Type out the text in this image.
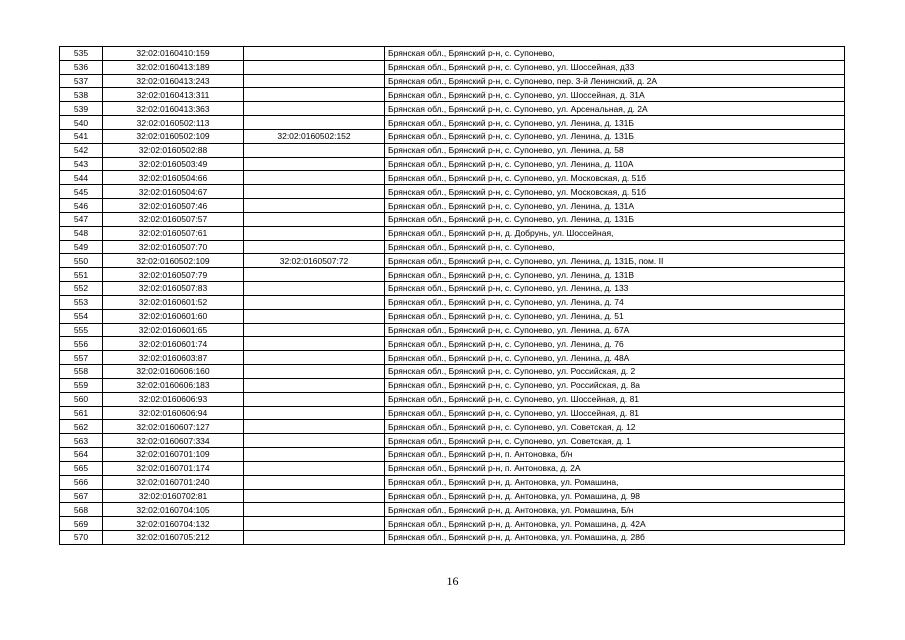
535	32:02:0160410:159		Брянская обл., Брянский р-н, с. Супонево,
536	32:02:0160413:189		Брянская обл., Брянский р-н, с. Супонево, ул. Шоссейная, д33
537	32:02:0160413:243		Брянская обл., Брянский р-н, с. Супонево, пер. 3-й Ленинский, д. 2А
538	32:02:0160413:311		Брянская обл., Брянский р-н, с. Супонево, ул. Шоссейная, д. 31А
539	32:02:0160413:363		Брянская обл., Брянский р-н, с. Супонево, ул. Арсенальная, д. 2А
540	32:02:0160502:113		Брянская обл., Брянский р-н, с. Супонево, ул. Ленина, д. 131Б
541	32:02:0160502:109	32:02:0160502:152	Брянская обл., Брянский р-н, с. Супонево, ул. Ленина, д. 131Б
542	32:02:0160502:88		Брянская обл., Брянский р-н, с. Супонево, ул. Ленина, д. 58
543	32:02:0160503:49		Брянская обл., Брянский р-н, с. Супонево, ул. Ленина, д. 110А
544	32:02:0160504:66		Брянская обл., Брянский р-н, с. Супонево, ул. Московская, д. 51б
545	32:02:0160504:67		Брянская обл., Брянский р-н, с. Супонево, ул. Московская, д. 51б
546	32:02:0160507:46		Брянская обл., Брянский р-н, с. Супонево, ул. Ленина, д. 131А
547	32:02:0160507:57		Брянская обл., Брянский р-н, с. Супонево, ул. Ленина, д. 131Б
548	32:02:0160507:61		Брянская обл., Брянский р-н, д. Добрунь, ул. Шоссейная,
549	32:02:0160507:70		Брянская обл., Брянский р-н, с. Супонево,
550	32:02:0160502:109	32:02:0160507:72	Брянская обл., Брянский р-н, с. Супонево, ул. Ленина, д. 131Б, пом. II
551	32:02:0160507:79		Брянская обл., Брянский р-н, с. Супонево, ул. Ленина, д. 131В
552	32:02:0160507:83		Брянская обл., Брянский р-н, с. Супонево, ул. Ленина, д. 133
553	32:02:0160601:52		Брянская обл., Брянский р-н, с. Супонево, ул. Ленина, д. 74
554	32:02:0160601:60		Брянская обл., Брянский р-н, с. Супонево, ул. Ленина, д. 51
555	32:02:0160601:65		Брянская обл., Брянский р-н, с. Супонево, ул. Ленина, д. 67А
556	32:02:0160601:74		Брянская обл., Брянский р-н, с. Супонево, ул. Ленина, д. 76
557	32:02:0160603:87		Брянская обл., Брянский р-н, с. Супонево, ул. Ленина, д. 48А
558	32:02:0160606:160		Брянская обл., Брянский р-н, с. Супонево, ул. Российская, д. 2
559	32:02:0160606:183		Брянская обл., Брянский р-н, с. Супонево, ул. Российская, д. 8а
560	32:02:0160606:93		Брянская обл., Брянский р-н, с. Супонево, ул. Шоссейная, д. 81
561	32:02:0160606:94		Брянская обл., Брянский р-н, с. Супонево, ул. Шоссейная, д. 81
562	32:02:0160607:127		Брянская обл., Брянский р-н, с. Супонево, ул. Советская, д. 12
563	32:02:0160607:334		Брянская обл., Брянский р-н, с. Супонево, ул. Советская, д. 1
564	32:02:0160701:109		Брянская обл., Брянский р-н, п. Антоновка, б/н
565	32:02:0160701:174		Брянская обл., Брянский р-н, п. Антоновка, д. 2А
566	32:02:0160701:240		Брянская обл., Брянский р-н, д. Антоновка, ул. Ромашина,
567	32:02:0160702:81		Брянская обл., Брянский р-н, д. Антоновка, ул. Ромашина, д. 98
568	32:02:0160704:105		Брянская обл., Брянский р-н, д. Антоновка, ул. Ромашина, Б/н
569	32:02:0160704:132		Брянская обл., Брянский р-н, д. Антоновка, ул. Ромашина, д. 42А
570	32:02:0160705:212		Брянская обл., Брянский р-н, д. Антоновка, ул. Ромашина, д. 28б
16
